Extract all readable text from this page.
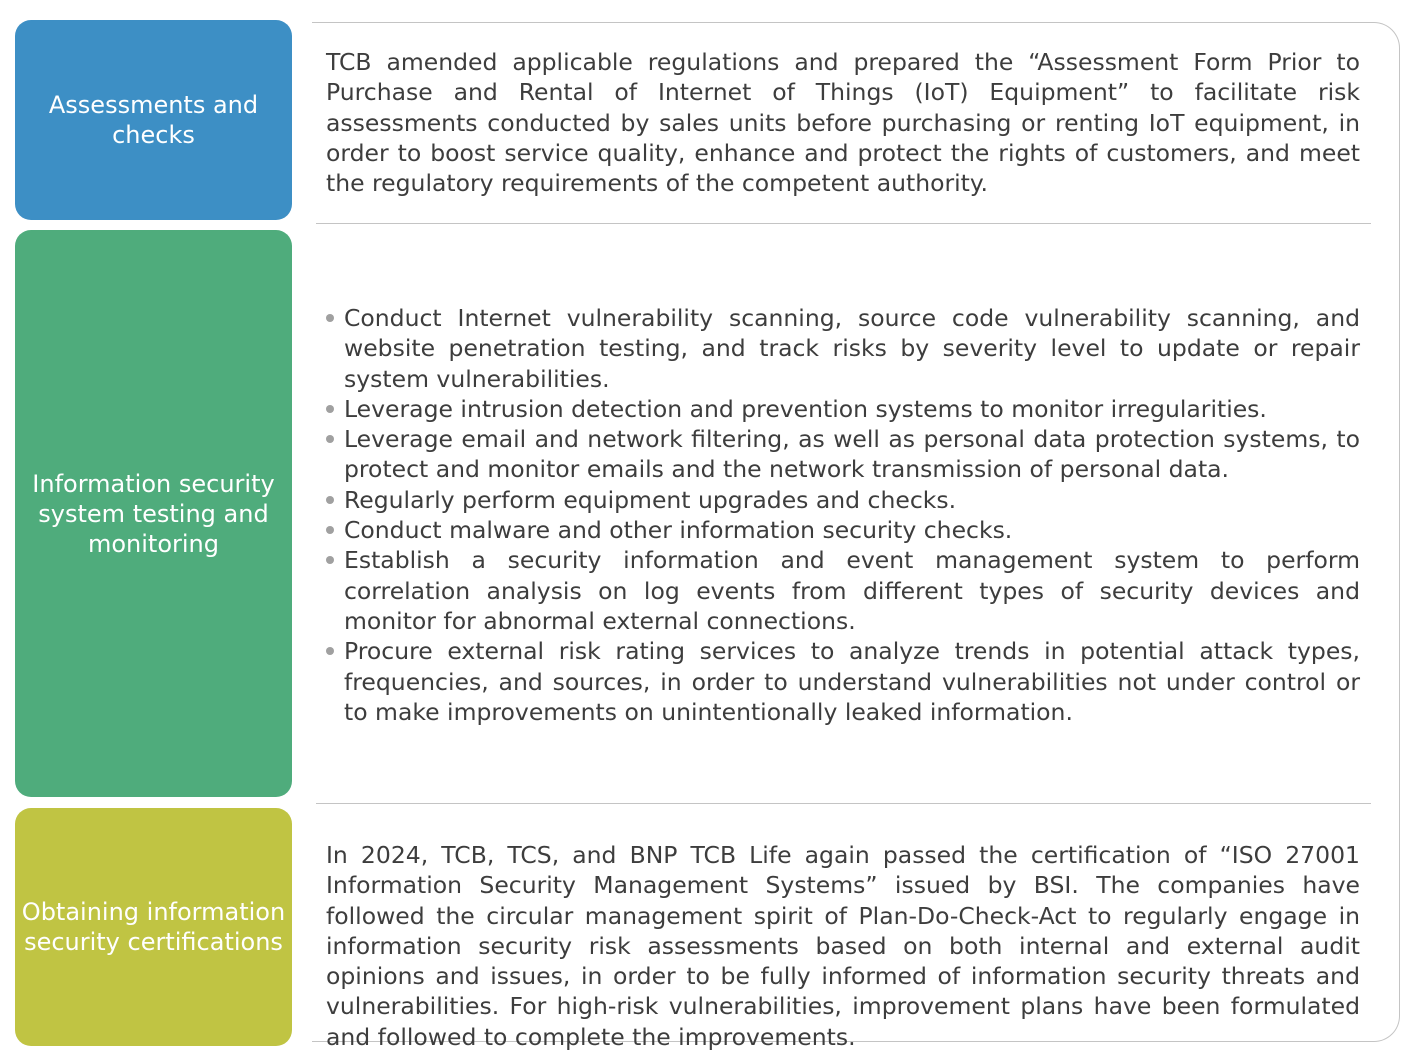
Assessments and
checks
TCB amended applicable regulations and prepared the “Assessment Form Prior to Purchase and Rental of Internet of Things (IoT) Equipment” to facilitate risk assessments conducted by sales units before purchasing or renting IoT equipment, in order to boost service quality, enhance and protect the rights of customers, and meet the regulatory requirements of the competent authority.
Information security
system testing and
monitoring
Conduct Internet vulnerability scanning, source code vulnerability scanning, and website penetration testing, and track risks by severity level to update or repair system vulnerabilities.
Leverage intrusion detection and prevention systems to monitor irregularities.
Leverage email and network filtering, as well as personal data protection systems, to protect and monitor emails and the network transmission of personal data.
Regularly perform equipment upgrades and checks.
Conduct malware and other information security checks.
Establish a security information and event management system to perform correlation analysis on log events from different types of security devices and monitor for abnormal external connections.
Procure external risk rating services to analyze trends in potential attack types, frequencies, and sources, in order to understand vulnerabilities not under control or to make improvements on unintentionally leaked information.
Obtaining information
security certifications
In 2024, TCB, TCS, and BNP TCB Life again passed the certification of “ISO 27001 Information Security Management Systems” issued by BSI. The companies have followed the circular management spirit of Plan-Do-Check-Act to regularly engage in information security risk assessments based on both internal and external audit opinions and issues, in order to be fully informed of information security threats and vulnerabilities. For high-risk vulnerabilities, improvement plans have been formulated and followed to complete the improvements.
